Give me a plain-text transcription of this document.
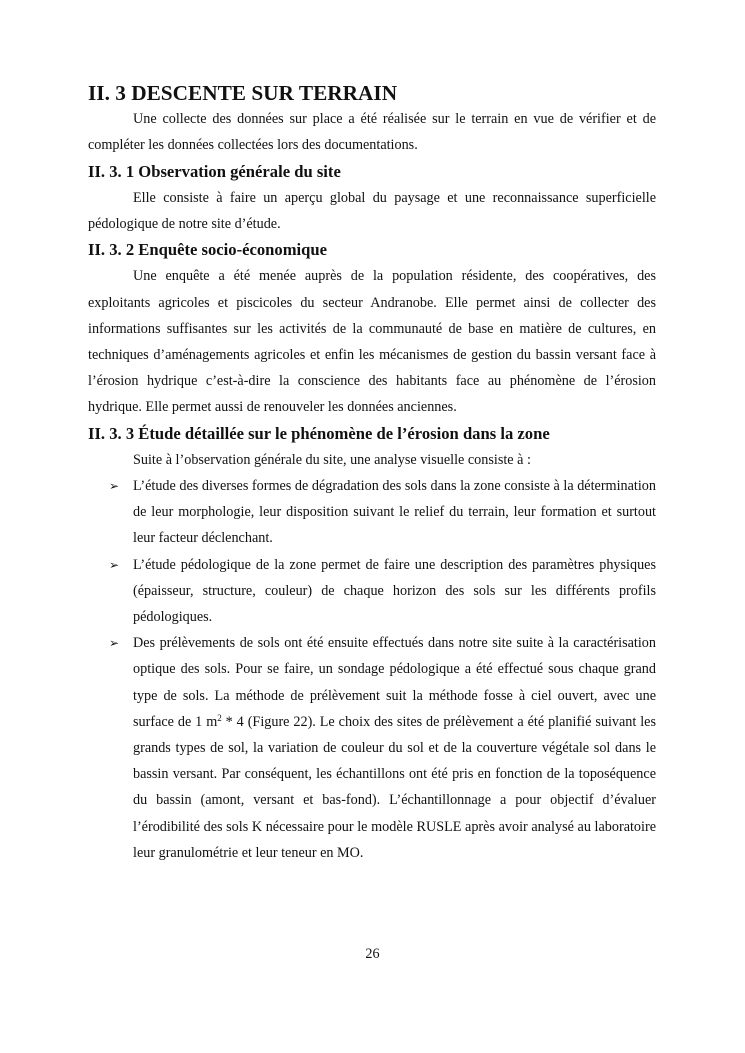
II. 3 DESCENTE SUR TERRAIN

Une collecte des données sur place a été réalisée sur le terrain en vue de vérifier et de compléter les données collectées lors des documentations.

II. 3. 1 Observation générale du site

Elle consiste à faire un aperçu global du paysage et une reconnaissance superficielle pédologique de notre site d’étude.

II. 3. 2 Enquête socio-économique

Une enquête a été menée auprès de la population résidente, des coopératives, des exploitants agricoles et piscicoles du secteur Andranobe. Elle permet ainsi de collecter des informations suffisantes sur les activités de la communauté de base en matière de cultures, en techniques d’aménagements agricoles et enfin les mécanismes de gestion du bassin versant face à l’érosion hydrique c’est-à-dire la conscience des habitants face au phénomène de l’érosion hydrique. Elle permet aussi de renouveler les données anciennes.

II. 3. 3 Étude détaillée sur le phénomène de l’érosion dans la zone

Suite à l’observation générale du site, une analyse visuelle consiste à :

➢ L’étude des diverses formes de dégradation des sols dans la zone consiste à la détermination de leur morphologie, leur disposition suivant le relief du terrain, leur formation et surtout leur facteur déclenchant.
➢ L’étude pédologique de la zone permet de faire une description des paramètres physiques (épaisseur, structure, couleur) de chaque horizon des sols sur les différents profils pédologiques.
➢ Des prélèvements de sols ont été ensuite effectués dans notre site suite à la caractérisation optique des sols. Pour se faire, un sondage pédologique a été effectué sous chaque grand type de sols. La méthode de prélèvement suit la méthode fosse à ciel ouvert, avec une surface de 1 $m^2 * 4$ (Figure 22). Le choix des sites de prélèvement a été planifié suivant les grands types de sol, la variation de couleur du sol et de la couverture végétale sol dans le bassin versant. Par conséquent, les échantillons ont été pris en fonction de la toposéquence du bassin (amont, versant et bas-fond). L’échantillonnage a pour objectif d’évaluer l’érodibilité des sols K nécessaire pour le modèle RUSLE après avoir analysé au laboratoire leur granulométrie et leur teneur en MO.
26
